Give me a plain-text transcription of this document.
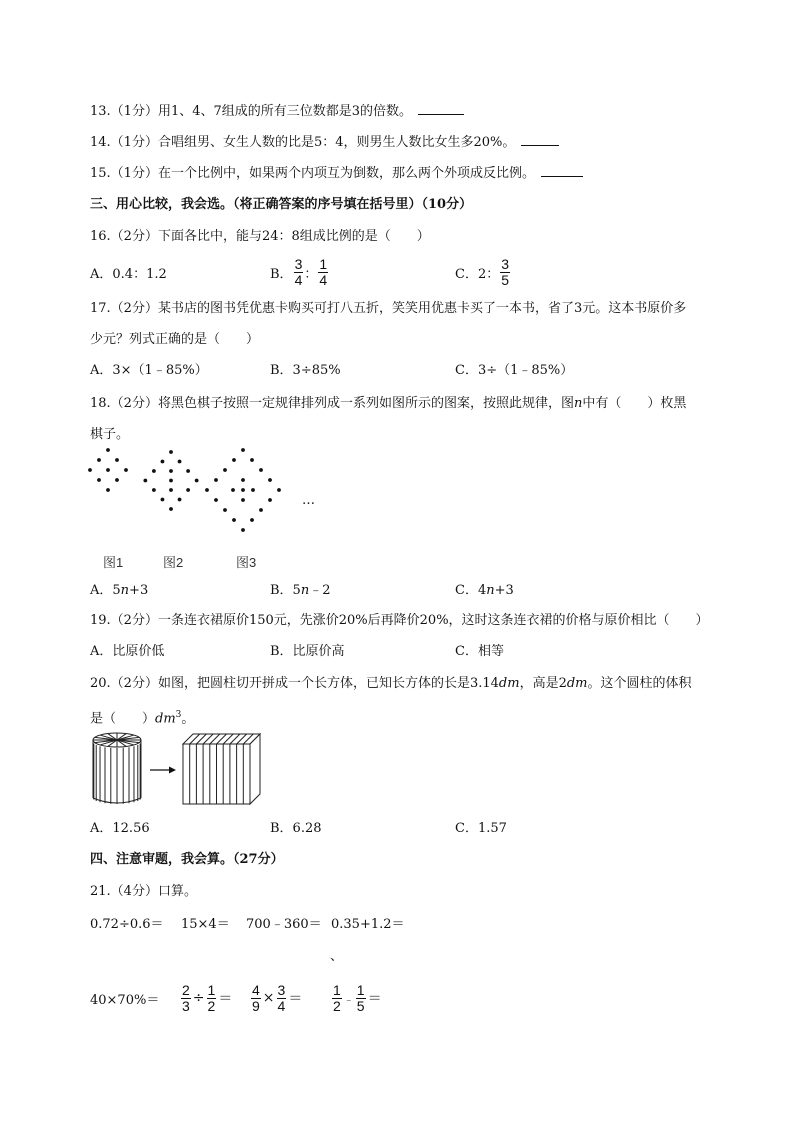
13.（1分）用1、4、7组成的所有三位数都是3的倍数。
14.（1分）合唱组男、女生人数的比是5：4，则男生人数比女生多20%。
15.（1分）在一个比例中，如果两个内项互为倒数，那么两个外项成反比例。
三、用心比较，我会选。（将正确答案的序号填在括号里）（10分）
16.（2分）下面各比中，能与24：8组成比例的是（　　）
A．0.4：1.2	B． $\frac{3}{4}$ ： $\frac{1}{4}$	C．2： $\frac{3}{5}$
17.（2分）某书店的图书凭优惠卡购买可打八五折，笑笑用优惠卡买了一本书，省了3元。这本书原价多
少元？列式正确的是（　　）
A．3×（1﹣85%）	B．3÷85%	C．3÷（1﹣85%）
18.（2分）将黑色棋子按照一定规律排列成一系列如图所示的图案，按照此规律，图n中有（　　）枚黑
棋子。
图1	图2	图3
…
A．5n+3	B．5n﹣2	C．4n+3
19.（2分）一条连衣裙原价150元，先涨价20%后再降价20%，这时这条连衣裙的价格与原价相比（　　）
A．比原价低	B．比原价高	C．相等
20.（2分）如图，把圆柱切开拼成一个长方体，已知长方体的长是3.14dm，高是2dm。这个圆柱的体积
是（　　）$dm^3$。
A．12.56	B．6.28	C．1.57
四、注意审题，我会算。（27分）
21.（4分）口算。
0.72÷0.6＝ 15×4＝ 700﹣360＝ 0.35+1.2＝
、
$40\times 70\%= \frac{2}{3} \div \frac{1}{2} = \frac{4}{9} \times \frac{3}{4} = \frac{1}{2}$ ﹣ $\frac{1}{5}$ ＝
